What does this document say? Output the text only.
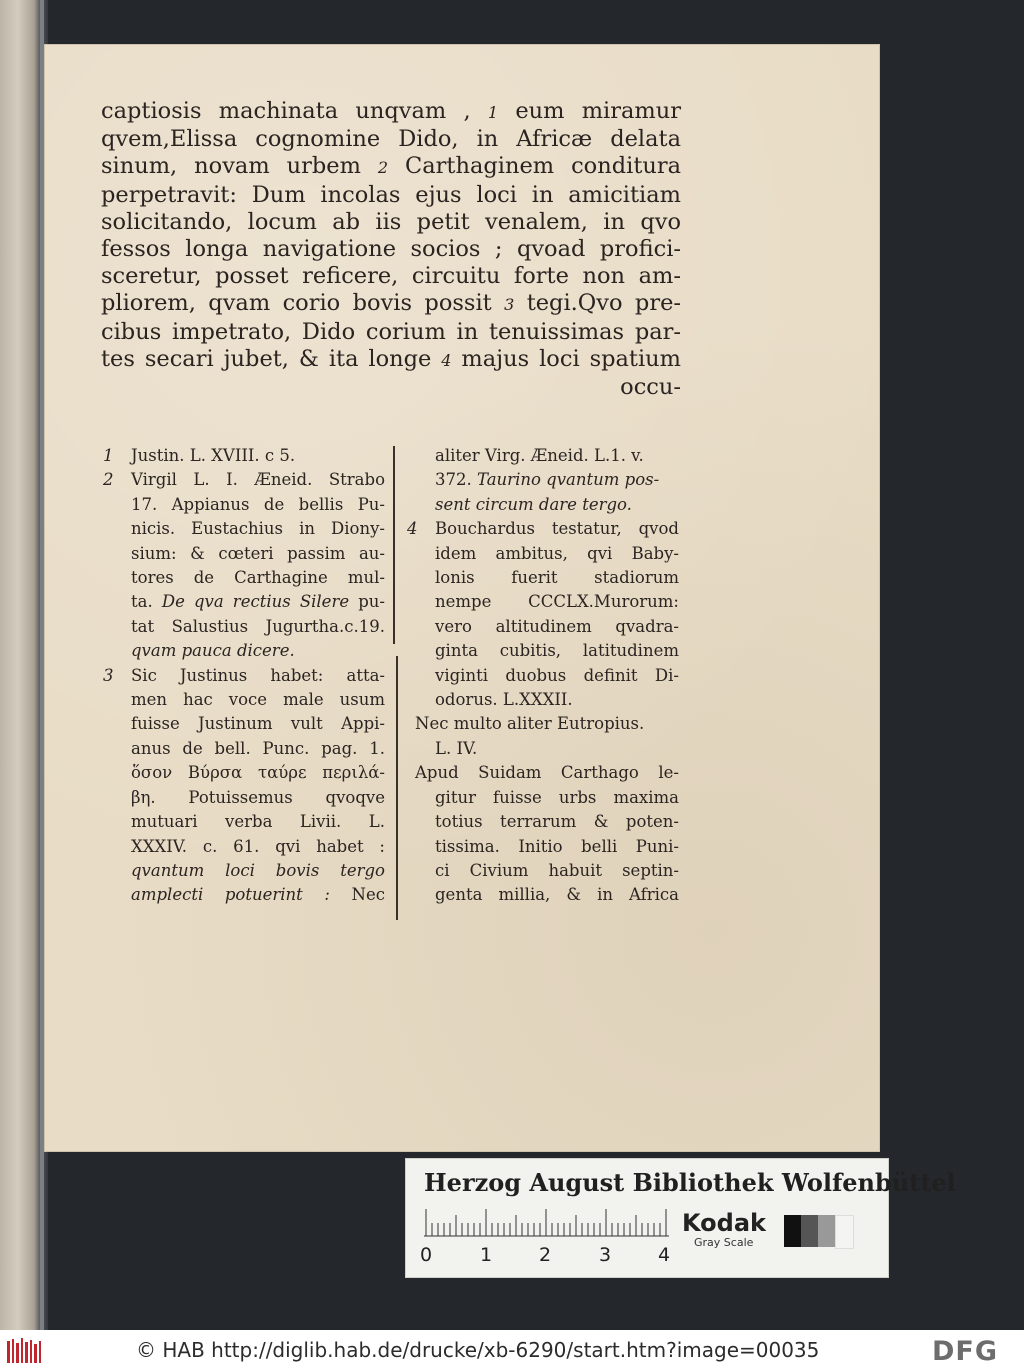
captiosis machinata unqvam , 1 eum miramur
qvem,Elissa cognomine Dido, in Africæ delata
sinum, novam urbem 2 Carthaginem conditura
perpetravit: Dum incolas ejus loci in amicitiam
solicitando, locum ab iis petit venalem, in qvo
fessos longa navigatione socios ; qvoad profici-
sceretur, posset reficere, circuitu forte non am-
pliorem, qvam corio bovis possit 3 tegi.Qvo pre-
cibus impetrato, Dido corium in tenuissimas par-
tes secari jubet, & ita longe 4 majus loci spatium
occu-
1	Justin. L. XVIII. c 5.
2	Virgil L. I. Æneid. Strabo
17. Appianus de bellis Pu-
nicis. Eustachius in Diony-
sium: & cœteri passim au-
tores de Carthagine mul-
ta. De qva rectius Silere pu-
tat Salustius Jugurtha.c.19.
qvam pauca dicere.
3	Sic Justinus habet: atta-
men hac voce male usum
fuisse Justinum vult Appi-
anus de bell. Punc. pag. 1.
ὅσον Βύρσα ταύρε περιλά-
βη. Potuissemus qvoqve
mutuari verba Livii. L.
XXXIV. c. 61. qvi habet :
qvantum loci bovis tergo
amplecti potuerint : Nec
aliter Virg. Æneid. L.1. v.
372. Taurino qvantum pos-
sent circum dare tergo.
4	Bouchardus testatur, qvod
idem ambitus, qvi Baby-
lonis fuerit stadiorum
nempe CCCLX.Murorum:
vero altitudinem qvadra-
ginta cubitis, latitudinem
viginti duobus definit Di-
odorus. L.XXXII.
Nec multo aliter Eutropius.
L. IV.
Apud Suidam Carthago le-
gitur fuisse urbs maxima
totius terrarum & poten-
tissima. Initio belli Puni-
ci Civium habuit septin-
genta millia, & in Africa
Herzog August Bibliothek Wolfenbüttel
0	1 2	3 4
Kodak
Gray Scale
© HAB http://diglib.hab.de/drucke/xb-6290/start.htm?image=00035	DFG
